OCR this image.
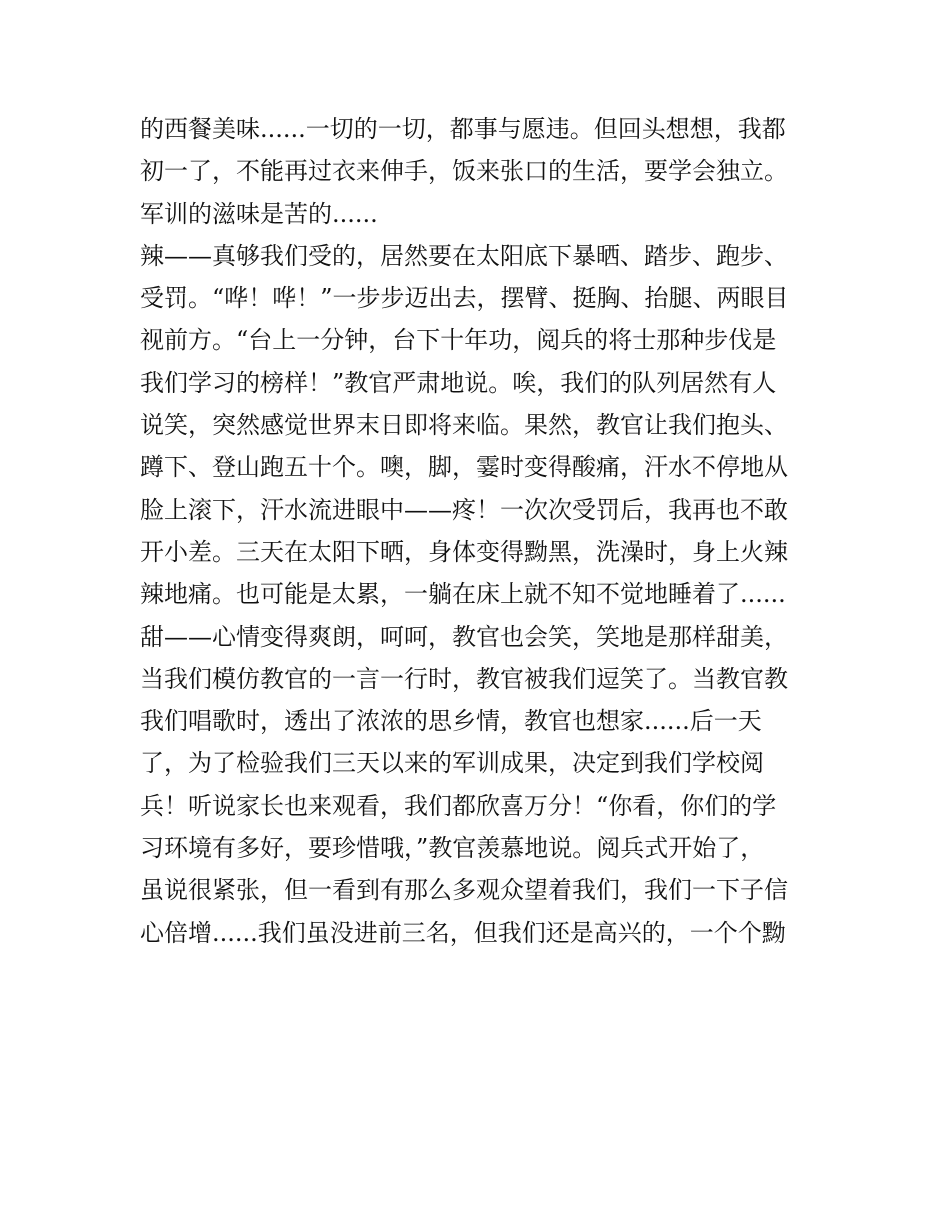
的西餐美味......一切的一切，都事与愿违。但回头想想，我都
初一了，不能再过衣来伸手，饭来张口的生活，要学会独立。
军训的滋味是苦的......
辣——真够我们受的，居然要在太阳底下暴晒、踏步、跑步、
受罚。“哗！哗！”一步步迈出去，摆臂、挺胸、抬腿、两眼目
视前方。“台上一分钟，台下十年功，阅兵的将士那种步伐是
我们学习的榜样！”教官严肃地说。唉，我们的队列居然有人
说笑，突然感觉世界末日即将来临。果然，教官让我们抱头、
蹲下、登山跑五十个。噢，脚，霎时变得酸痛，汗水不停地从
脸上滚下，汗水流进眼中——疼！一次次受罚后，我再也不敢
开小差。三天在太阳下晒，身体变得黝黑，洗澡时，身上火辣
辣地痛。也可能是太累，一躺在床上就不知不觉地睡着了......
甜——心情变得爽朗，呵呵，教官也会笑，笑地是那样甜美，
当我们模仿教官的一言一行时，教官被我们逗笑了。当教官教
我们唱歌时，透出了浓浓的思乡情，教官也想家......后一天
了，为了检验我们三天以来的军训成果，决定到我们学校阅
兵！听说家长也来观看，我们都欣喜万分！“你看，你们的学
习环境有多好，要珍惜哦，”教官羡慕地说。阅兵式开始了，
虽说很紧张，但一看到有那么多观众望着我们，我们一下子信
心倍增......我们虽没进前三名，但我们还是高兴的，一个个黝
